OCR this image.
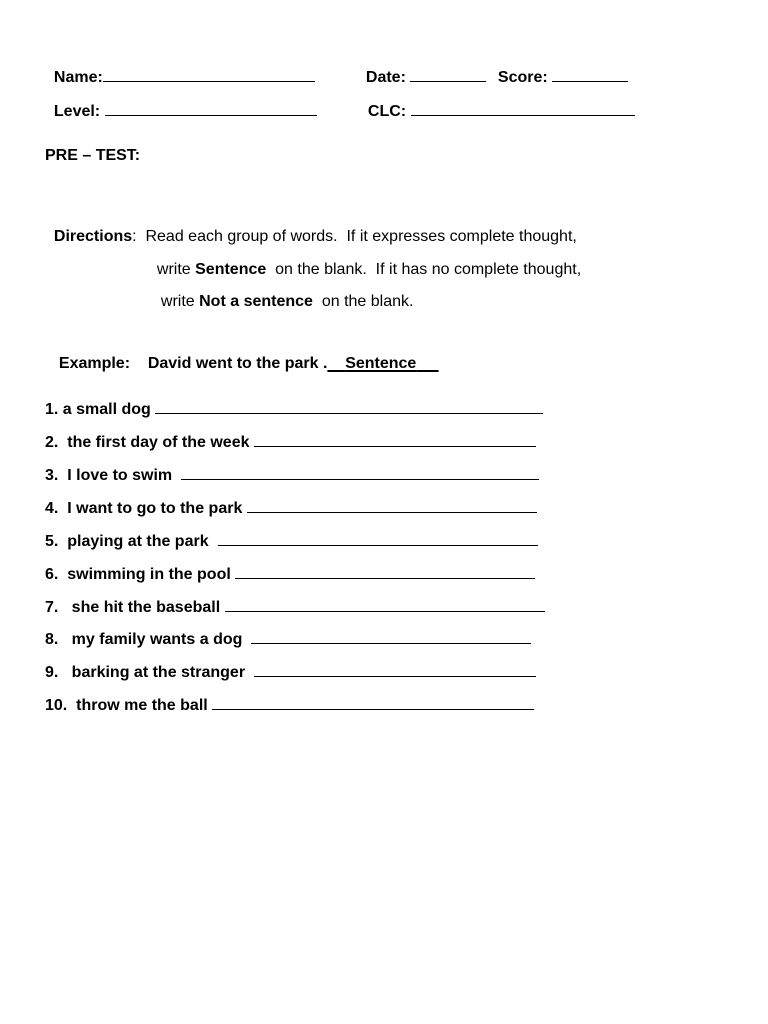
Name:	Date:	Score:

Level:	CLC:

PRE – TEST:

Directions:  Read each group of words.  If it expresses complete thought,

write Sentence  on the blank.  If it has no complete thought,

write Not a sentence  on the blank.

Example: David went to the park . Sentence

1. a small dog
2.  the first day of the week
3.  I love to swim
4.  I want to go to the park
5.  playing at the park
6.  swimming in the pool
7.   she hit the baseball
8.   my family wants a dog
9.   barking at the stranger
10.  throw me the ball
